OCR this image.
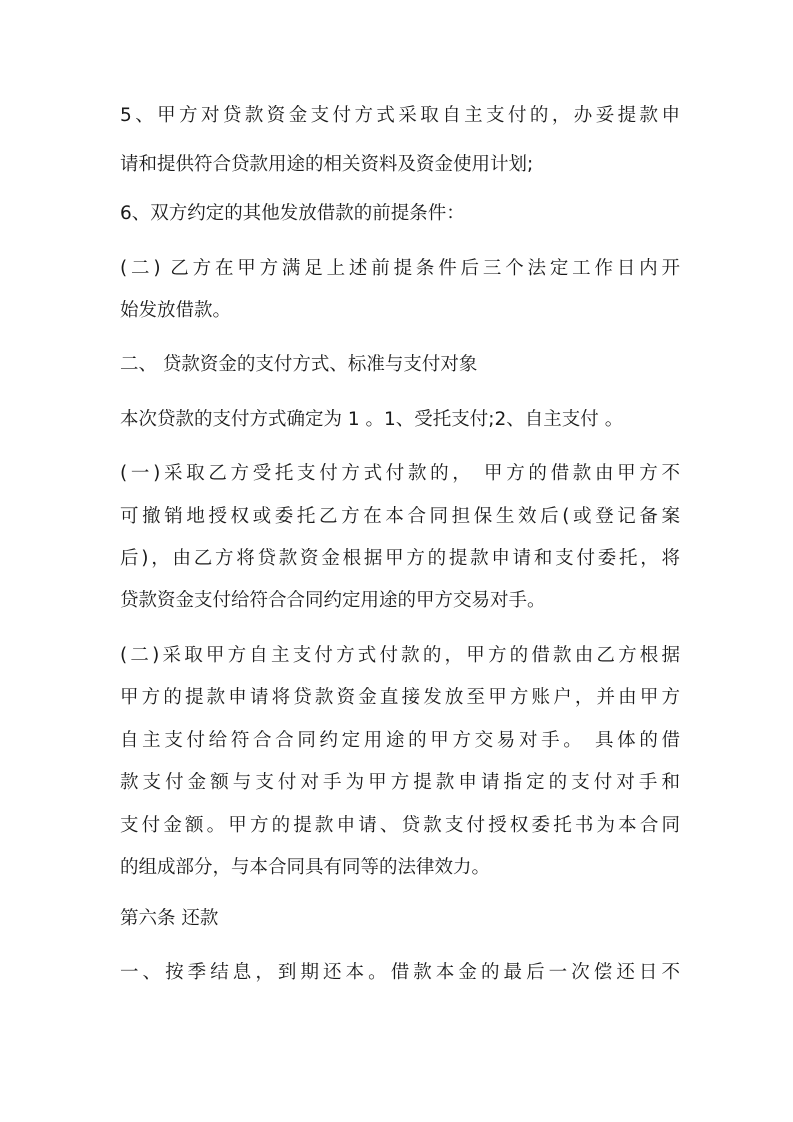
5、甲方对贷款资金支付方式采取自主支付的，办妥提款申
请和提供符合贷款用途的相关资料及资金使用计划;
6、双方约定的其他发放借款的前提条件：
(二) 乙方在甲方满足上述前提条件后三个法定工作日内开
始发放借款。
二、 贷款资金的支付方式、标准与支付对象
本次贷款的支付方式确定为 1 。1、受托支付;2、自主支付 。
(一)采取乙方受托支付方式付款的， 甲方的借款由甲方不
可撤销地授权或委托乙方在本合同担保生效后(或登记备案
后)，由乙方将贷款资金根据甲方的提款申请和支付委托，将
贷款资金支付给符合合同约定用途的甲方交易对手。
(二)采取甲方自主支付方式付款的，甲方的借款由乙方根据
甲方的提款申请将贷款资金直接发放至甲方账户，并由甲方
自主支付给符合合同约定用途的甲方交易对手。 具体的借
款支付金额与支付对手为甲方提款申请指定的支付对手和
支付金额。甲方的提款申请、贷款支付授权委托书为本合同
的组成部分，与本合同具有同等的法律效力。
第六条 还款
一、按季结息，到期还本。借款本金的最后一次偿还日不
